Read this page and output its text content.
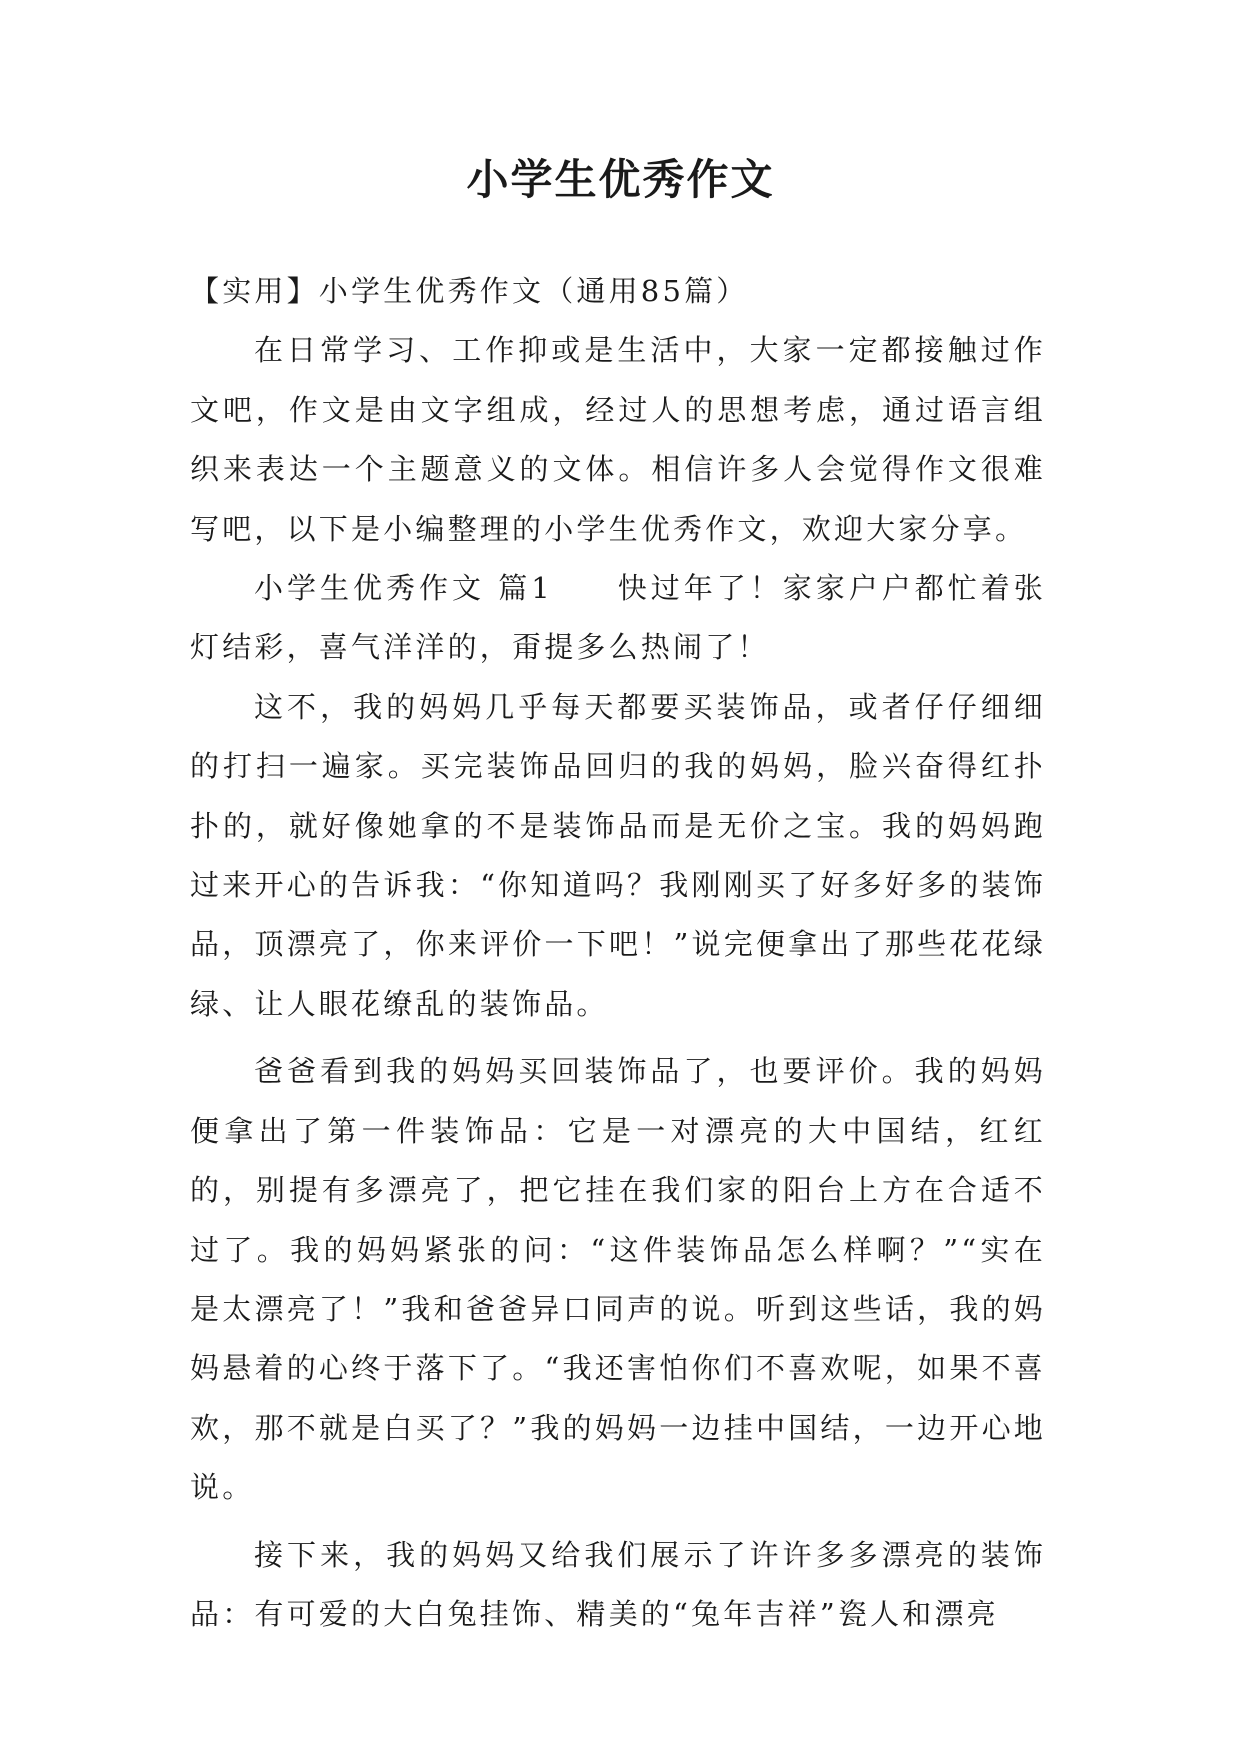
小学生优秀作文

【实用】小学生优秀作文（通用85篇）

在日常学习、工作抑或是生活中，大家一定都接触过作文吧，作文是由文字组成，经过人的思想考虑，通过语言组织来表达一个主题意义的文体。相信许多人会觉得作文很难写吧，以下是小编整理的小学生优秀作文，欢迎大家分享。

小学生优秀作文 篇1 快过年了！家家户户都忙着张灯结彩，喜气洋洋的，甭提多么热闹了！

这不，我的妈妈几乎每天都要买装饰品，或者仔仔细细的打扫一遍家。买完装饰品回归的我的妈妈，脸兴奋得红扑扑的，就好像她拿的不是装饰品而是无价之宝。我的妈妈跑过来开心的告诉我：“你知道吗？我刚刚买了好多好多的装饰品，顶漂亮了，你来评价一下吧！”说完便拿出了那些花花绿绿、让人眼花缭乱的装饰品。

爸爸看到我的妈妈买回装饰品了，也要评价。我的妈妈便拿出了第一件装饰品：它是一对漂亮的大中国结，红红的，别提有多漂亮了，把它挂在我们家的阳台上方在合适不过了。我的妈妈紧张的问：“这件装饰品怎么样啊？”“实在是太漂亮了！”我和爸爸异口同声的说。听到这些话，我的妈妈悬着的心终于落下了。“我还害怕你们不喜欢呢，如果不喜欢，那不就是白买了？”我的妈妈一边挂中国结，一边开心地说。

接下来，我的妈妈又给我们展示了许许多多漂亮的装饰品：有可爱的大白兔挂饰、精美的“兔年吉祥”瓷人和漂亮
